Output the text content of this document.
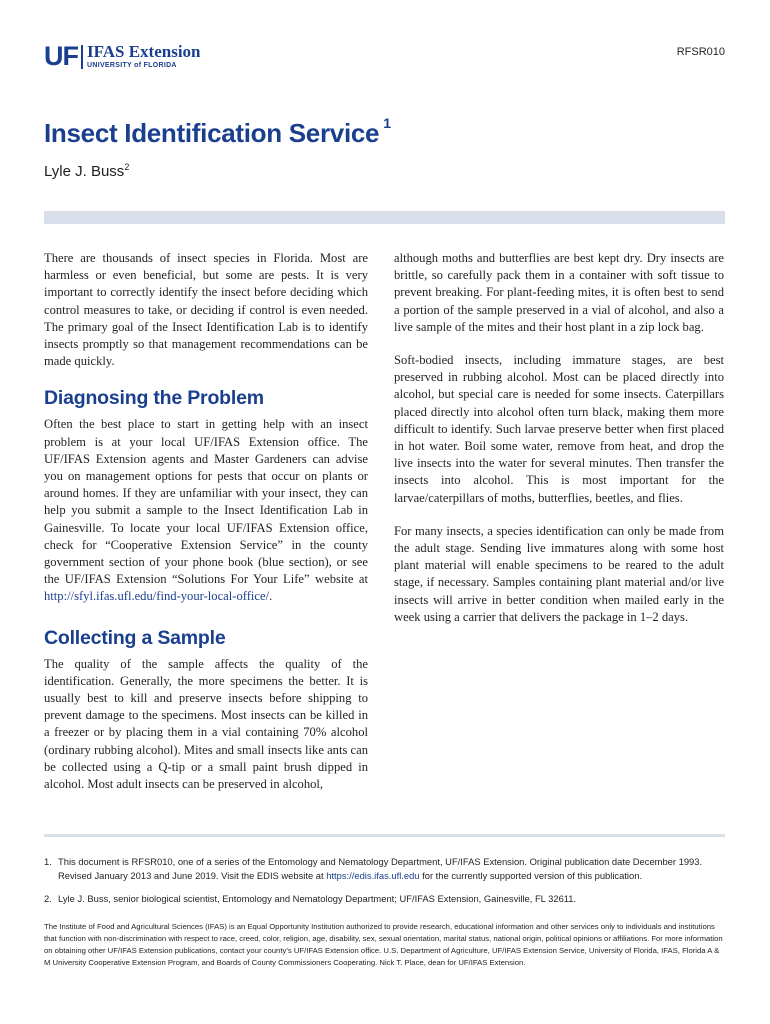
UF IFAS Extension
UNIVERSITY of FLORIDA
RFSR010
Insect Identification Service $^1$
Lyle J. Buss$^2$

There are thousands of insect species in Florida. Most are harmless or even beneficial, but some are pests. It is very important to correctly identify the insect before deciding which control measures to take, or deciding if control is even needed. The primary goal of the Insect Identification Lab is to identify insects promptly so that management recommendations can be made quickly.

Diagnosing the Problem

Often the best place to start in getting help with an insect problem is at your local UF/IFAS Extension office. The UF/IFAS Extension agents and Master Gardeners can advise you on management options for pests that occur on plants or around homes. If they are unfamiliar with your insect, they can help you submit a sample to the Insect Identification Lab in Gainesville. To locate your local UF/IFAS Extension office, check for “Cooperative Extension Service” in the county government section of your phone book (blue section), or see the UF/IFAS Extension “Solutions For Your Life” website at http://sfyl.ifas.ufl.edu/find-your-local-office/.

Collecting a Sample
The quality of the sample affects the quality of the identification. Generally, the more specimens the better. It is usually best to kill and preserve insects before shipping to prevent damage to the specimens. Most insects can be killed in a freezer or by placing them in a vial containing 70% alcohol (ordinary rubbing alcohol). Mites and small insects like ants can be collected using a Q-tip or a small paint brush dipped in alcohol. Most adult insects can be preserved in alcohol,

although moths and butterflies are best kept dry. Dry insects are brittle, so carefully pack them in a container with soft tissue to prevent breaking. For plant-feeding mites, it is often best to send a portion of the sample preserved in a vial of alcohol, and also a live sample of the mites and their host plant in a zip lock bag.

Soft-bodied insects, including immature stages, are best preserved in rubbing alcohol. Most can be placed directly into alcohol, but special care is needed for some insects. Caterpillars placed directly into alcohol often turn black, making them more difficult to identify. Such larvae preserve better when first placed in hot water. Boil some water, remove from heat, and drop the live insects into the water for several minutes. Then transfer the insects into alcohol. This is most important for the larvae/caterpillars of moths, butterflies, beetles, and flies.

For many insects, a species identification can only be made from the adult stage. Sending live immatures along with some host plant material will enable specimens to be reared to the adult stage, if necessary. Samples containing plant material and/or live insects will arrive in better condition when mailed early in the week using a carrier that delivers the package in 1–2 days.

1. This document is RFSR010, one of a series of the Entomology and Nematology Department, UF/IFAS Extension. Original publication date December 1993. Revised January 2013 and June 2019. Visit the EDIS website at https://edis.ifas.ufl.edu for the currently supported version of this publication.
2. Lyle J. Buss, senior biological scientist, Entomology and Nematology Department; UF/IFAS Extension, Gainesville, FL 32611.
The Institute of Food and Agricultural Sciences (IFAS) is an Equal Opportunity Institution authorized to provide research, educational information and other services only to individuals and institutions that function with non-discrimination with respect to race, creed, color, religion, age, disability, sex, sexual orientation, marital status, national origin, political opinions or affiliations. For more information on obtaining other UF/IFAS Extension publications, contact your county’s UF/IFAS Extension office. U.S. Department of Agriculture, UF/IFAS Extension Service, University of Florida, IFAS, Florida A & M University Cooperative Extension Program, and Boards of County Commissioners Cooperating. Nick T. Place, dean for UF/IFAS Extension.
